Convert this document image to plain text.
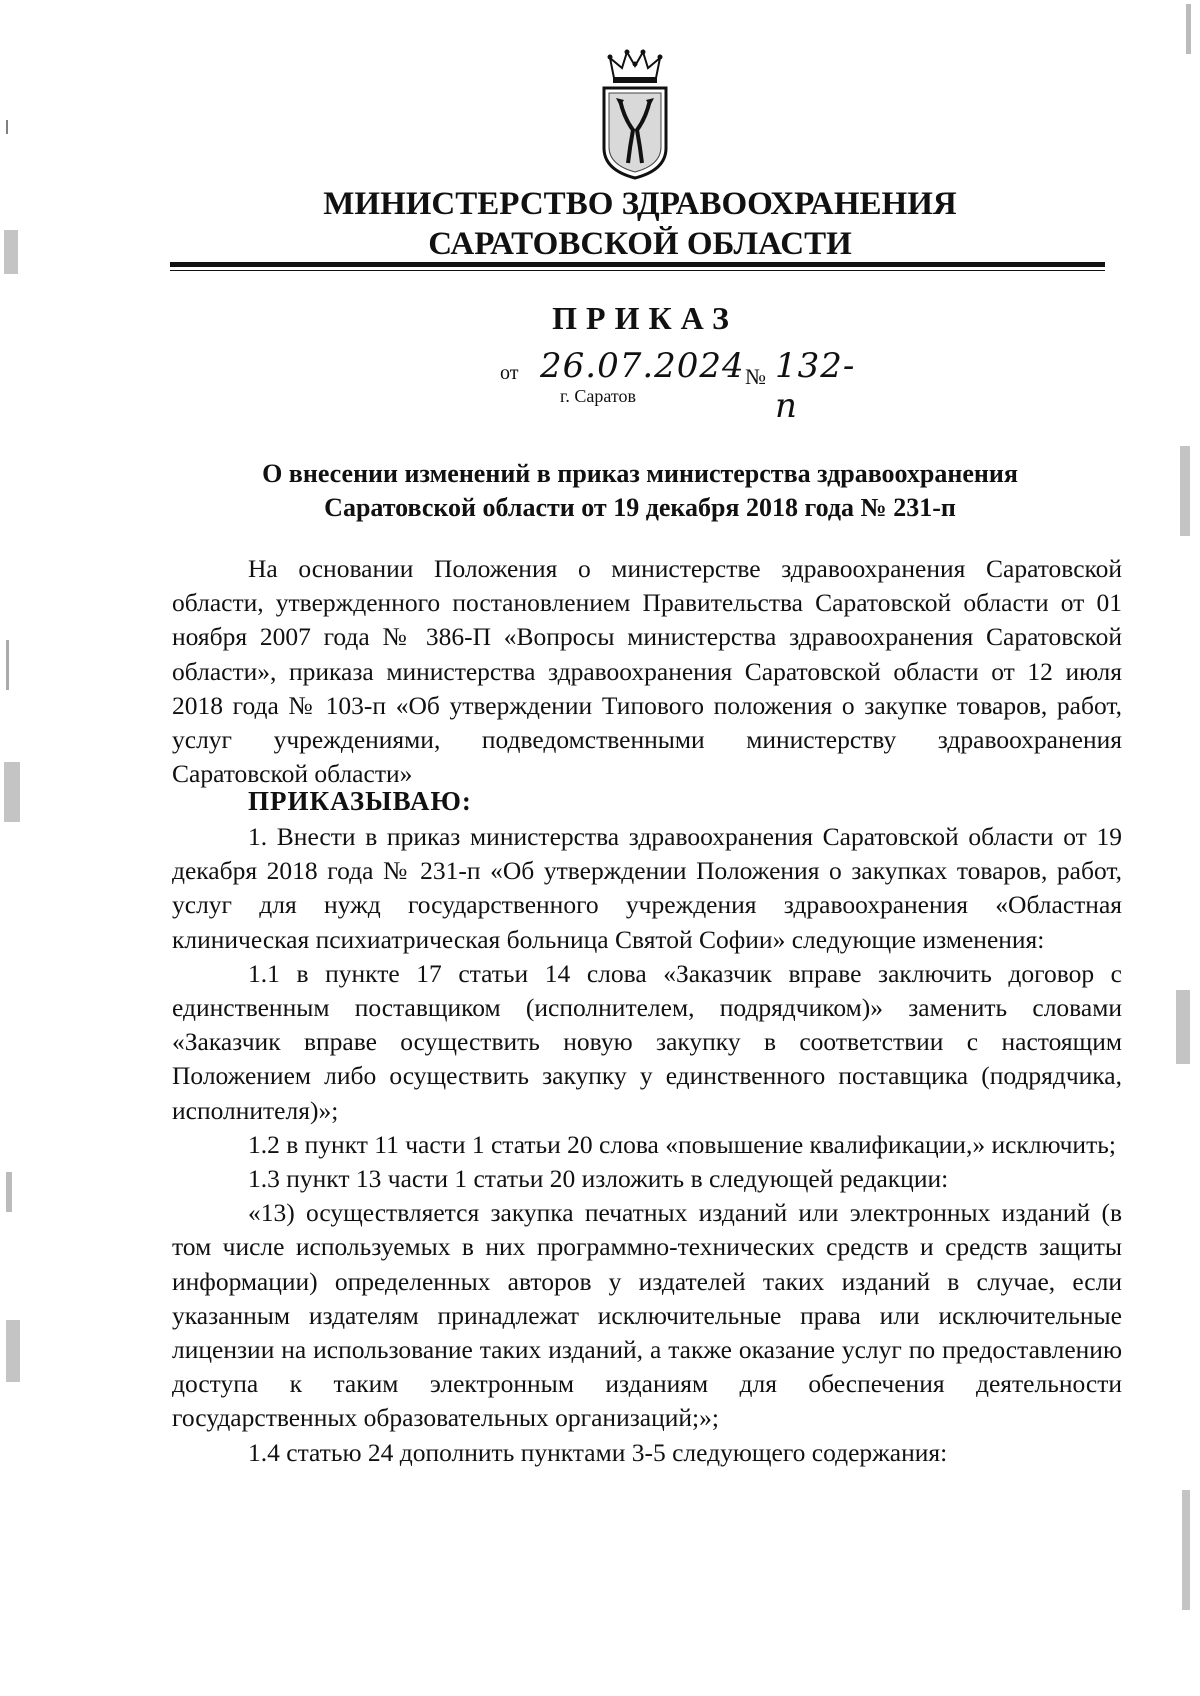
МИНИСТЕРСТВО ЗДРАВООХРАНЕНИЯ
САРАТОВСКОЙ ОБЛАСТИ
ПРИКАЗ
от 26.07.2024 № 132-п
г. Саратов
О внесении изменений в приказ министерства здравоохранения
Саратовской области от 19 декабря 2018 года № 231-п

На основании Положения о министерстве здравоохранения Саратовской области, утвержденного постановлением Правительства Саратовской области от 01 ноября 2007 года № 386-П «Вопросы министерства здравоохранения Саратовской области», приказа министерства здравоохранения Саратовской области от 12 июля 2018 года № 103-п «Об утверждении Типового положения о закупке товаров, работ, услуг учреждениями, подведомственными министерству здравоохранения Саратовской области»

ПРИКАЗЫВАЮ:

1. Внести в приказ министерства здравоохранения Саратовской области от 19 декабря 2018 года № 231-п «Об утверждении Положения о закупках товаров, работ, услуг для нужд государственного учреждения здравоохранения «Областная клиническая психиатрическая больница Святой Софии» следующие изменения:

1.1 в пункте 17 статьи 14 слова «Заказчик вправе заключить договор с единственным поставщиком (исполнителем, подрядчиком)» заменить словами «Заказчик вправе осуществить новую закупку в соответствии с настоящим Положением либо осуществить закупку у единственного поставщика (подрядчика, исполнителя)»;

1.2 в пункт 11 части 1 статьи 20 слова «повышение квалификации,» исключить;

1.3 пункт 13 части 1 статьи 20 изложить в следующей редакции:

«13) осуществляется закупка печатных изданий или электронных изданий (в том числе используемых в них программно-технических средств и средств защиты информации) определенных авторов у издателей таких изданий в случае, если указанным издателям принадлежат исключительные права или исключительные лицензии на использование таких изданий, а также оказание услуг по предоставлению доступа к таким электронным изданиям для обеспечения деятельности государственных образовательных организаций;»;

1.4 статью 24 дополнить пунктами 3-5 следующего содержания:
